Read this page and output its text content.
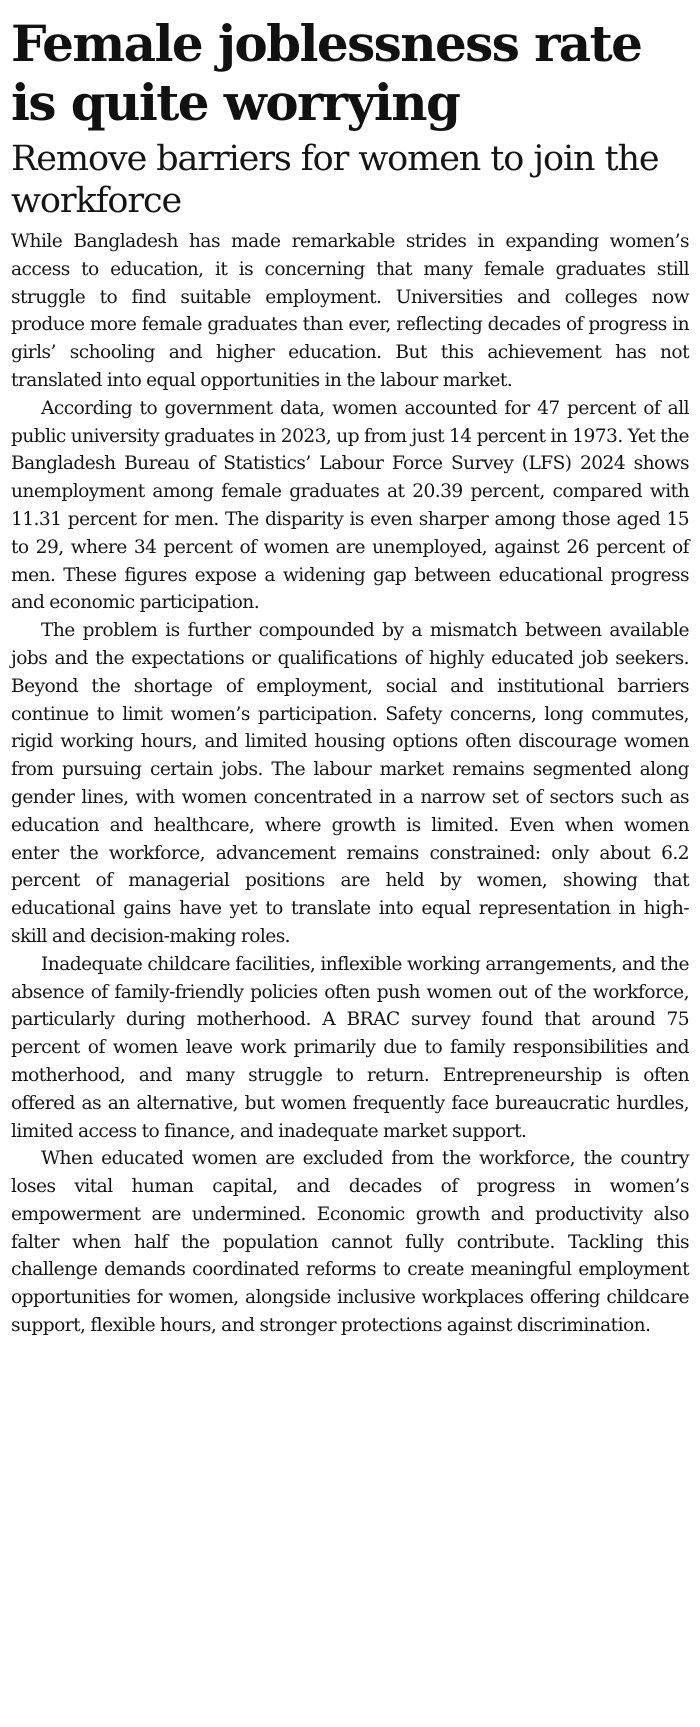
Female joblessness rate is quite worrying
Remove barriers for women to join the workforce

While Bangladesh has made remarkable strides in expanding women’s access to education, it is concerning that many female graduates still struggle to find suitable employment. Universities and colleges now produce more female graduates than ever, reflecting decades of progress in girls’ schooling and higher education. But this achievement has not translated into equal opportunities in the labour market.

According to government data, women accounted for 47 percent of all public university graduates in 2023, up from just 14 percent in 1973. Yet the Bangladesh Bureau of Statistics’ Labour Force Survey (LFS) 2024 shows unemployment among female graduates at 20.39 percent, compared with 11.31 percent for men. The disparity is even sharper among those aged 15 to 29, where 34 percent of women are unemployed, against 26 percent of men. These figures expose a widening gap between educational progress and economic participation.

The problem is further compounded by a mismatch between available jobs and the expectations or qualifications of highly educated job seekers. Beyond the shortage of employment, social and institutional barriers continue to limit women’s participation. Safety concerns, long commutes, rigid working hours, and limited housing options often discourage women from pursuing certain jobs. The labour market remains segmented along gender lines, with women concentrated in a narrow set of sectors such as education and healthcare, where growth is limited. Even when women enter the workforce, advancement remains constrained: only about 6.2 percent of managerial positions are held by women, showing that educational gains have yet to translate into equal representation in high-skill and decision-making roles.

Inadequate childcare facilities, inflexible working arrangements, and the absence of family-friendly policies often push women out of the workforce, particularly during motherhood. A BRAC survey found that around 75 percent of women leave work primarily due to family responsibilities and motherhood, and many struggle to return. Entrepreneurship is often offered as an alternative, but women frequently face bureaucratic hurdles, limited access to finance, and inadequate market support.

When educated women are excluded from the workforce, the country loses vital human capital, and decades of progress in women’s empowerment are undermined. Economic growth and productivity also falter when half the population cannot fully contribute. Tackling this challenge demands coordinated reforms to create meaningful employment opportunities for women, alongside inclusive workplaces offering childcare support, flexible hours, and stronger protections against discrimination.
